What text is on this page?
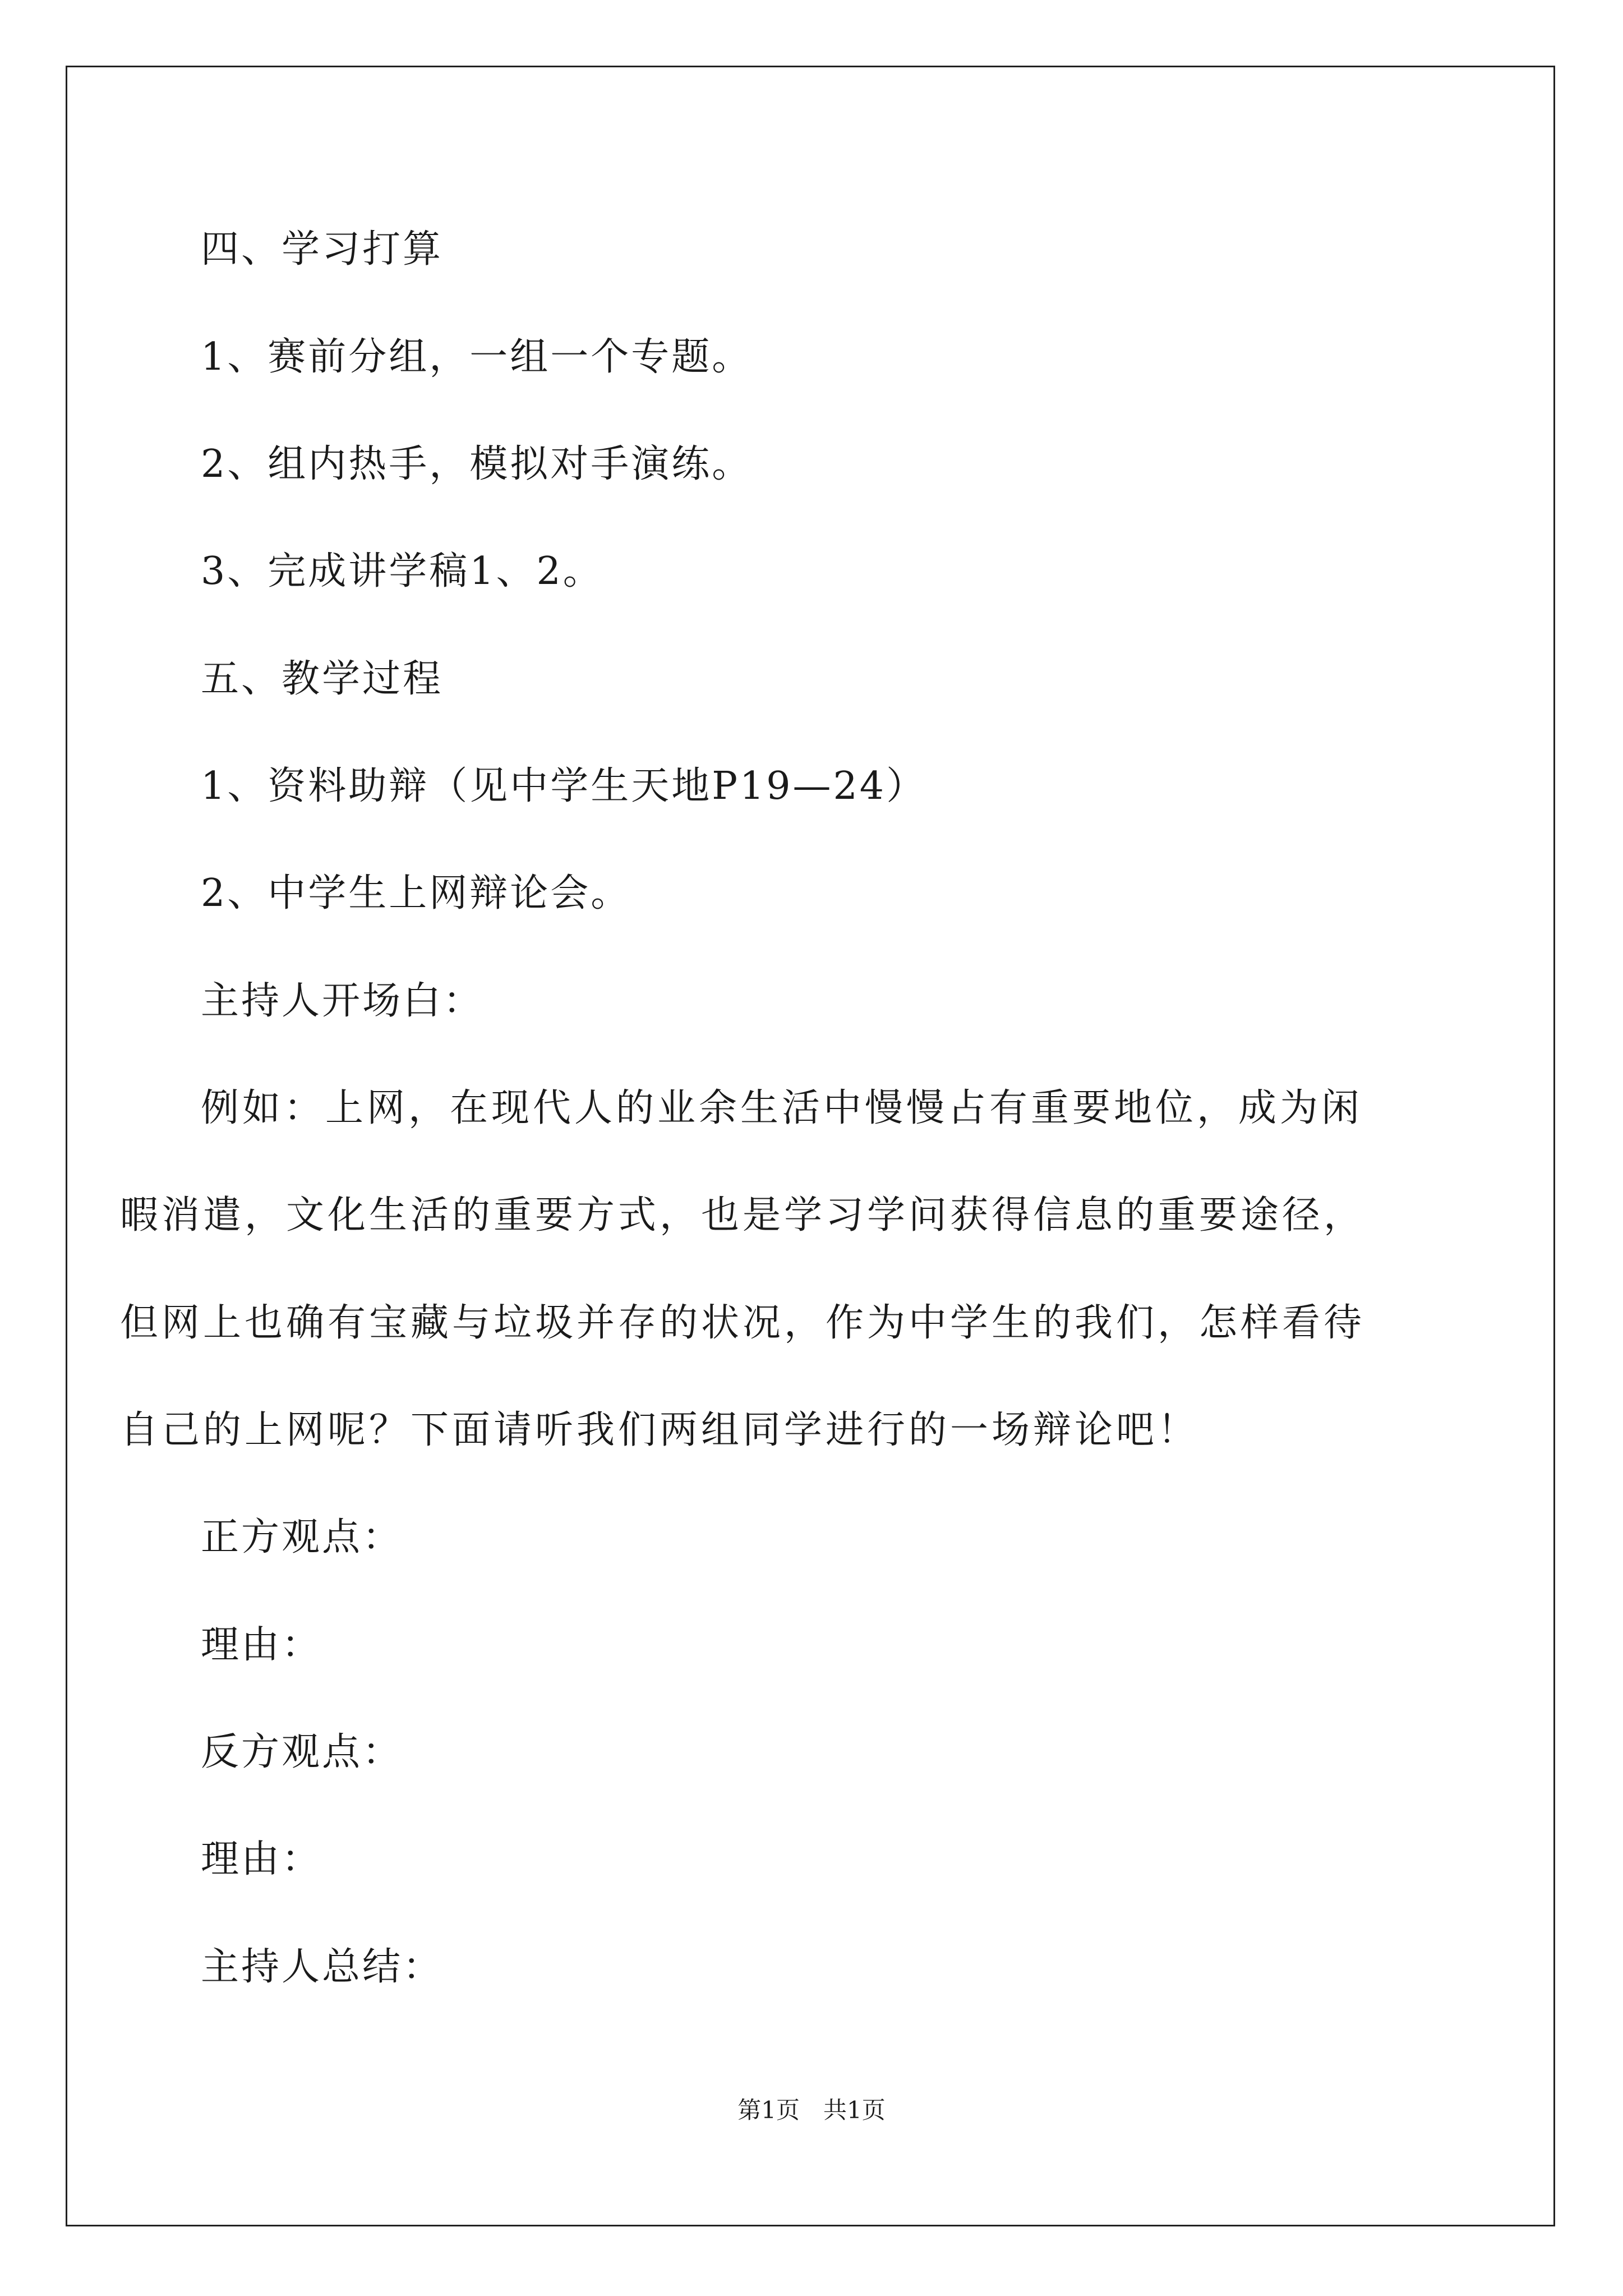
四、学习打算
1、赛前分组，一组一个专题。
2、组内热手，模拟对手演练。
3、完成讲学稿1、2。
五、教学过程
1、资料助辩（见中学生天地P19—24）
2、中学生上网辩论会。
主持人开场白：
例如：上网，在现代人的业余生活中慢慢占有重要地位，成为闲
暇消遣，文化生活的重要方式，也是学习学问获得信息的重要途径，
但网上也确有宝藏与垃圾并存的状况，作为中学生的我们，怎样看待
自己的上网呢？下面请听我们两组同学进行的一场辩论吧！
正方观点：
理由：
反方观点：
理由：
主持人总结：
第1页　共1页
